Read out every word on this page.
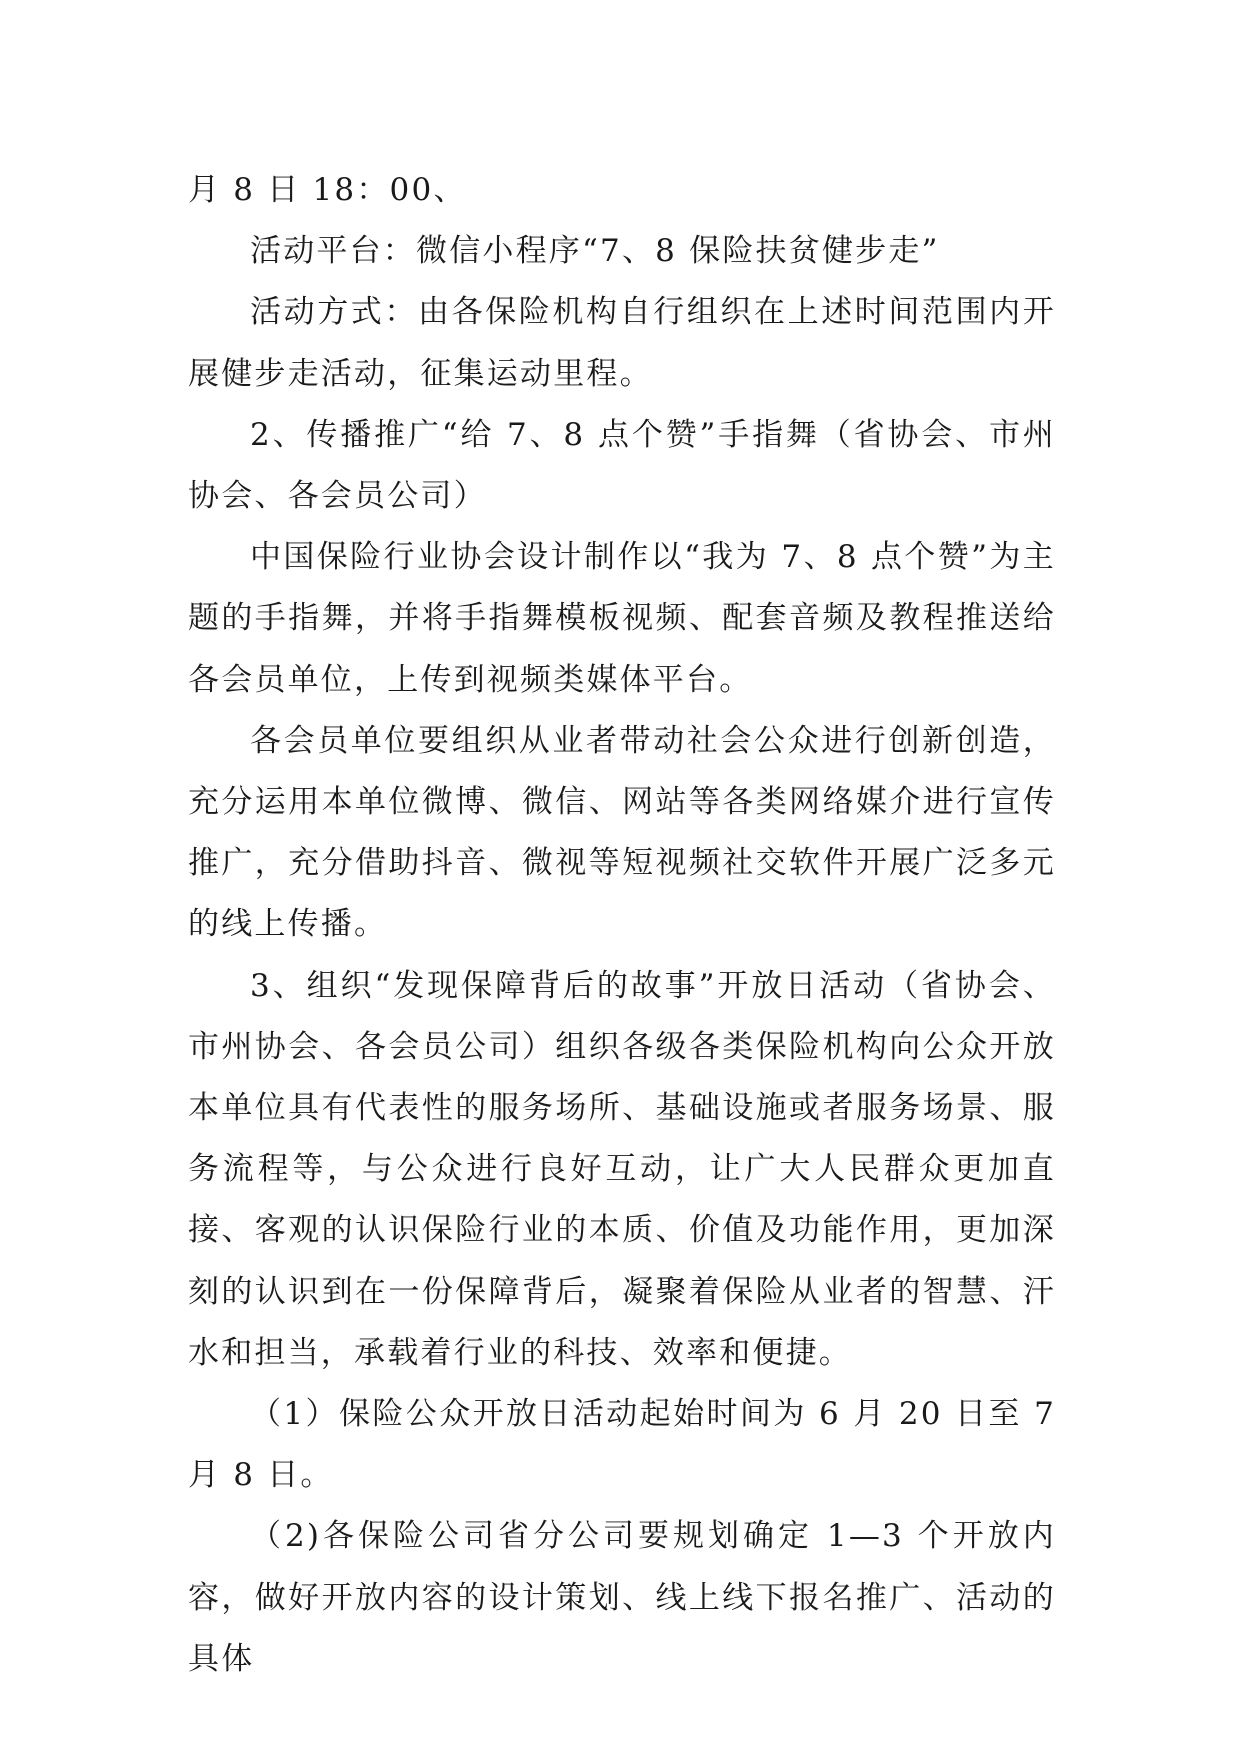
月 8 日 18：00、

活动平台：微信小程序“7、8 保险扶贫健步走”

活动方式：由各保险机构自行组织在上述时间范围内开展健步走活动，征集运动里程。

2、传播推广“给 7、8 点个赞”手指舞（省协会、市州协会、各会员公司）

中国保险行业协会设计制作以“我为 7、8 点个赞”为主题的手指舞，并将手指舞模板视频、配套音频及教程推送给各会员单位，上传到视频类媒体平台。

各会员单位要组织从业者带动社会公众进行创新创造，充分运用本单位微博、微信、网站等各类网络媒介进行宣传推广，充分借助抖音、微视等短视频社交软件开展广泛多元的线上传播。

3、组织“发现保障背后的故事”开放日活动（省协会、市州协会、各会员公司）组织各级各类保险机构向公众开放本单位具有代表性的服务场所、基础设施或者服务场景、服务流程等，与公众进行良好互动，让广大人民群众更加直接、客观的认识保险行业的本质、价值及功能作用，更加深刻的认识到在一份保障背后，凝聚着保险从业者的智慧、汗水和担当，承载着行业的科技、效率和便捷。

（1）保险公众开放日活动起始时间为 6 月 20 日至 7 月 8 日。

（2)各保险公司省分公司要规划确定 1—3 个开放内容，做好开放内容的设计策划、线上线下报名推广、活动的具体
